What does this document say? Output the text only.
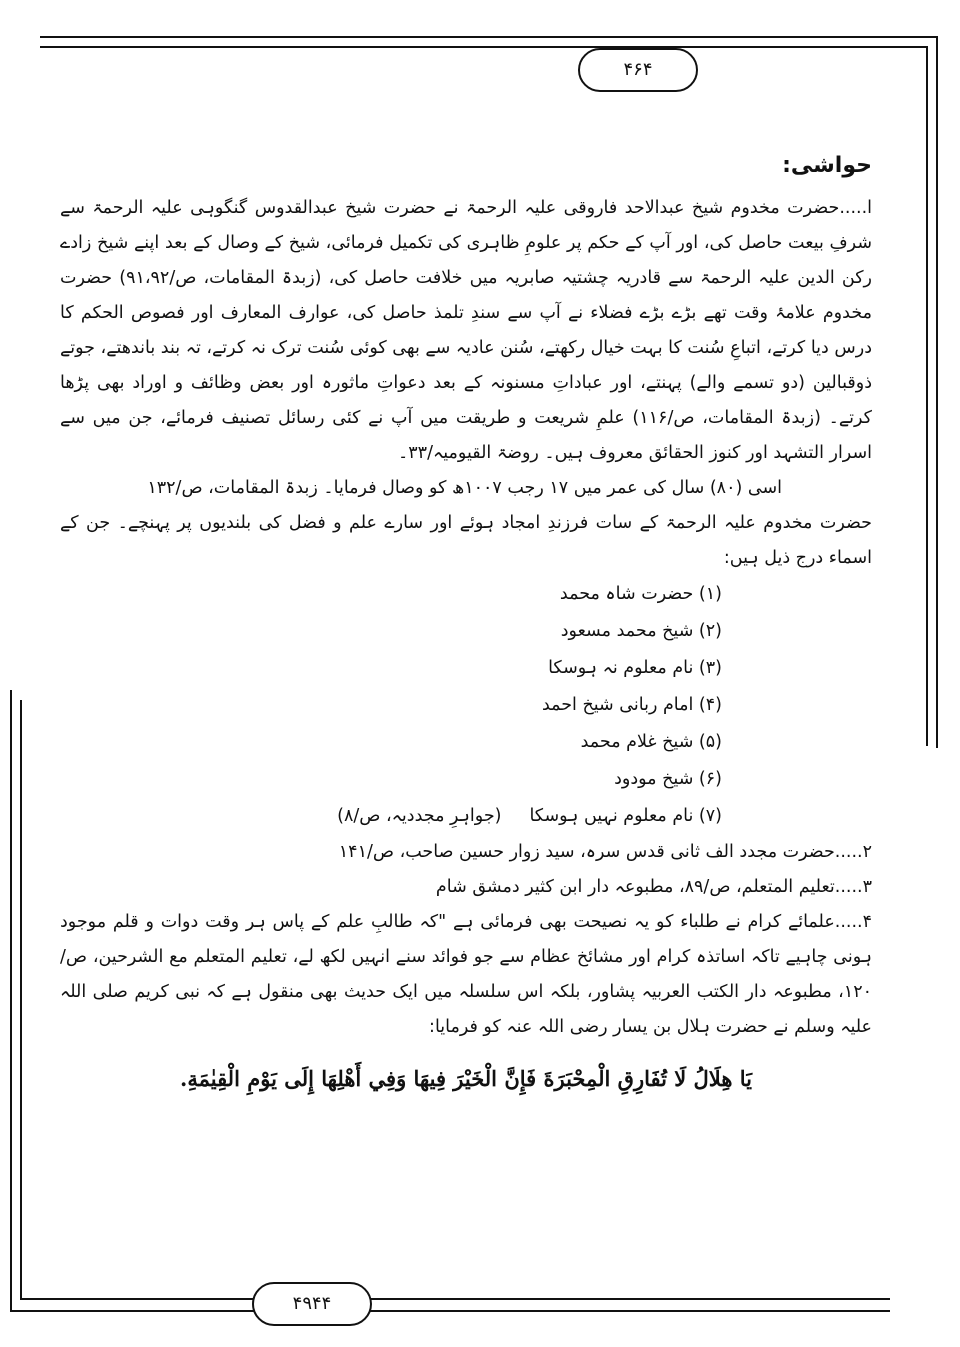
۴۶۴
۴۹۴۴

حواشی:

ا.....حضرت مخدوم شیخ عبدالاحد فاروقی علیہ الرحمۃ نے حضرت شیخ عبدالقدوس گنگوہی علیہ الرحمۃ سے شرفِ بیعت حاصل کی، اور آپ کے حکم پر علومِ ظاہری کی تکمیل فرمائی، شیخ کے وصال کے بعد اپنے شیخ زادے رکن الدین علیہ الرحمۃ سے قادریہ چشتیہ صابریہ میں خلافت حاصل کی، (زبدۃ المقامات، ص/۹۱،۹۲) حضرت مخدوم علامۂ وقت تھے بڑے بڑے فضلاء نے آپ سے سندِ تلمذ حاصل کی، عوارف المعارف اور فصوص الحکم کا درس دیا کرتے، اتباعِ سُنت کا بہت خیال رکھتے، سُنن عادیہ سے بھی کوئی سُنت ترک نہ کرتے، تہ بند باندھتے، جوتے ذوقبالین (دو تسمے والے) پہنتے، اور عباداتِ مسنونہ کے بعد دعواتِ ماثورہ اور بعض وظائف و اوراد بھی پڑھا کرتے۔ (زبدۃ المقامات، ص/۱۱۶) علمِ شریعت و طریقت میں آپ نے کئی رسائل تصنیف فرمائے، جن میں سے اسرار التشہد اور کنوز الحقائق معروف ہیں۔ روضۃ القیومیہ/۳۳۔

اسی (۸۰) سال کی عمر میں ۱۷ رجب ۱۰۰۷ھ کو وصال فرمایا۔ زبدۃ المقامات، ص/۱۳۲

حضرت مخدوم علیہ الرحمۃ کے سات فرزندِ امجاد ہوئے اور سارے علم و فضل کی بلندیوں پر پہنچے۔ جن کے اسماء درج ذیل ہیں:

(۱) حضرت شاہ محمد
(۲) شیخ محمد مسعود
(۳) نام معلوم نہ ہوسکا
(۴) امام ربانی شیخ احمد
(۵) شیخ غلام محمد
(۶) شیخ مودود
(۷) نام معلوم نہیں ہوسکا(جواہرِ مجددیہ، ص/۸)

۲.....حضرت مجدد الف ثانی قدس سرہ، سید زوار حسین صاحب، ص/۱۴۱

۳.....تعلیم المتعلم، ص/۸۹، مطبوعہ دار ابن کثیر دمشق شام

۴.....علمائے کرام نے طلباء کو یہ نصیحت بھی فرمائی ہے "کہ طالبِ علم کے پاس ہر وقت دوات و قلم موجود ہونی چاہیے تاکہ اساتذہ کرام اور مشائخ عظام سے جو فوائد سنے انہیں لکھ لے، تعلیم المتعلم مع الشرحین، ص/۱۲۰، مطبوعہ دار الکتب العربیہ پشاور، بلکہ اس سلسلہ میں ایک حدیث بھی منقول ہے کہ نبی کریم صلی اللہ علیہ وسلم نے حضرت ہلال بن یسار رضی اللہ عنہ کو فرمایا:

یَا هِلَالُ لَا تُفَارِقِ الْمِحْبَرَةَ فَإِنَّ الْخَيْرَ فِيهَا وَفِي أَهْلِهَا إِلَى يَوْمِ الْقِيٰمَةِ.
